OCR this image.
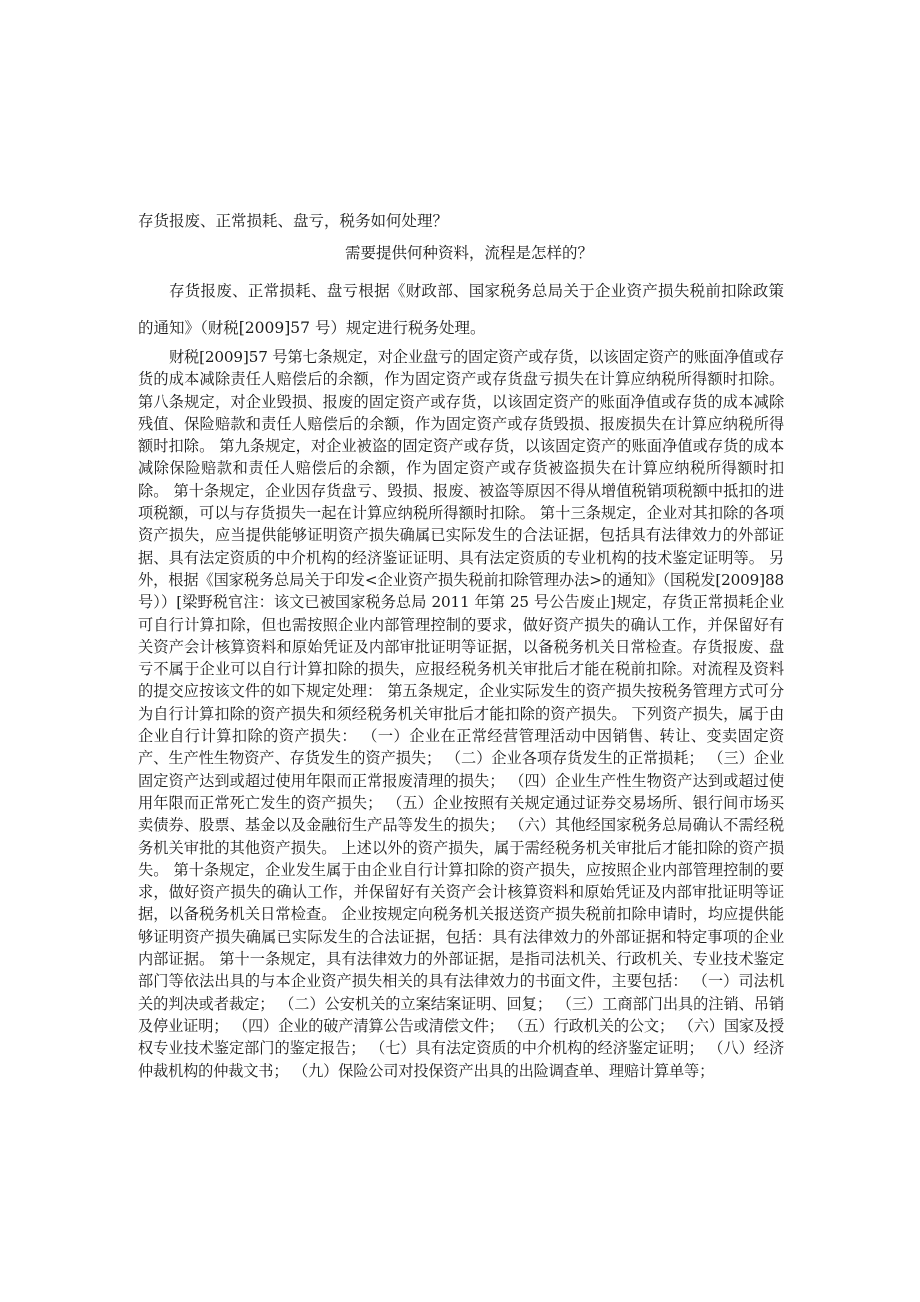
存货报废、正常损耗、盘亏，税务如何处理？
需要提供何种资料，流程是怎样的？

存货报废、正常损耗、盘亏根据《财政部、国家税务总局关于企业资产损失税前扣除政策的通知》（财税[2009]57 号）规定进行税务处理。

财税[2009]57 号第七条规定，对企业盘亏的固定资产或存货，以该固定资产的账面净值或存货的成本减除责任人赔偿后的余额，作为固定资产或存货盘亏损失在计算应纳税所得额时扣除。 第八条规定，对企业毁损、报废的固定资产或存货，以该固定资产的账面净值或存货的成本减除残值、保险赔款和责任人赔偿后的余额，作为固定资产或存货毁损、报废损失在计算应纳税所得额时扣除。 第九条规定，对企业被盗的固定资产或存货，以该固定资产的账面净值或存货的成本减除保险赔款和责任人赔偿后的余额，作为固定资产或存货被盗损失在计算应纳税所得额时扣除。 第十条规定，企业因存货盘亏、毁损、报废、被盗等原因不得从增值税销项税额中抵扣的进项税额，可以与存货损失一起在计算应纳税所得额时扣除。 第十三条规定，企业对其扣除的各项资产损失，应当提供能够证明资产损失确属已实际发生的合法证据，包括具有法律效力的外部证据、具有法定资质的中介机构的经济鉴证证明、具有法定资质的专业机构的技术鉴定证明等。 另外，根据《国家税务总局关于印发<企业资产损失税前扣除管理办法>的通知》（国税发[2009]88 号））[梁野税官注：该文已被国家税务总局 2011 年第 25 号公告废止]规定，存货正常损耗企业可自行计算扣除，但也需按照企业内部管理控制的要求，做好资产损失的确认工作，并保留好有关资产会计核算资料和原始凭证及内部审批证明等证据，以备税务机关日常检查。存货报废、盘亏不属于企业可以自行计算扣除的损失，应报经税务机关审批后才能在税前扣除。对流程及资料的提交应按该文件的如下规定处理： 第五条规定，企业实际发生的资产损失按税务管理方式可分为自行计算扣除的资产损失和须经税务机关审批后才能扣除的资产损失。 下列资产损失，属于由企业自行计算扣除的资产损失： （一）企业在正常经营管理活动中因销售、转让、变卖固定资产、生产性生物资产、存货发生的资产损失； （二）企业各项存货发生的正常损耗； （三）企业固定资产达到或超过使用年限而正常报废清理的损失； （四）企业生产性生物资产达到或超过使用年限而正常死亡发生的资产损失； （五）企业按照有关规定通过证券交易场所、银行间市场买卖债券、股票、基金以及金融衍生产品等发生的损失； （六）其他经国家税务总局确认不需经税务机关审批的其他资产损失。 上述以外的资产损失，属于需经税务机关审批后才能扣除的资产损失。 第十条规定，企业发生属于由企业自行计算扣除的资产损失，应按照企业内部管理控制的要求，做好资产损失的确认工作，并保留好有关资产会计核算资料和原始凭证及内部审批证明等证据，以备税务机关日常检查。 企业按规定向税务机关报送资产损失税前扣除申请时，均应提供能够证明资产损失确属已实际发生的合法证据，包括：具有法律效力的外部证据和特定事项的企业内部证据。 第十一条规定，具有法律效力的外部证据，是指司法机关、行政机关、专业技术鉴定部门等依法出具的与本企业资产损失相关的具有法律效力的书面文件，主要包括： （一）司法机关的判决或者裁定； （二）公安机关的立案结案证明、回复； （三）工商部门出具的注销、吊销及停业证明； （四）企业的破产清算公告或清偿文件； （五）行政机关的公文； （六）国家及授权专业技术鉴定部门的鉴定报告； （七）具有法定资质的中介机构的经济鉴定证明； （八）经济仲裁机构的仲裁文书； （九）保险公司对投保资产出具的出险调查单、理赔计算单等；
